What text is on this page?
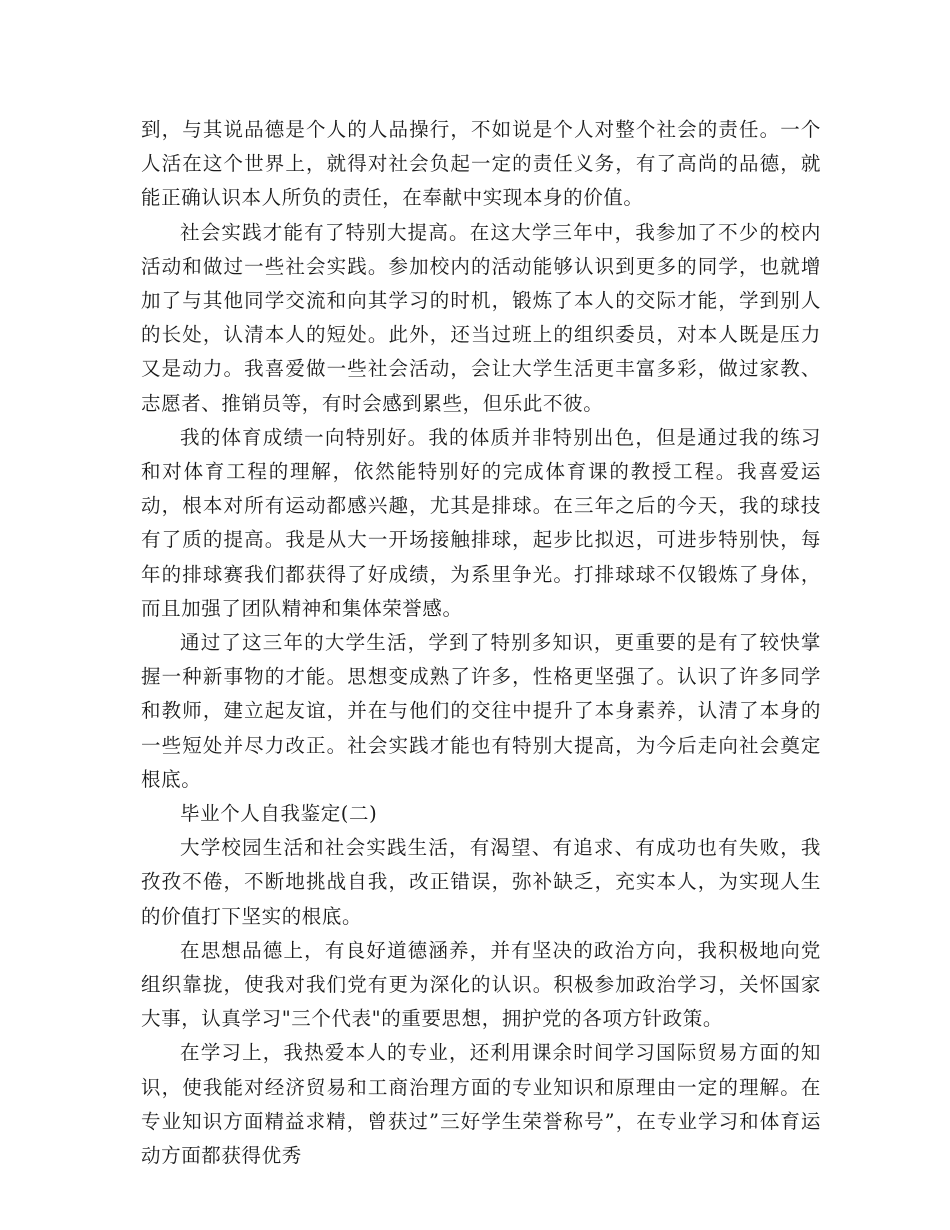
到，与其说品德是个人的人品操行，不如说是个人对整个社会的责任。一个人活在这个世界上，就得对社会负起一定的责任义务，有了高尚的品德，就能正确认识本人所负的责任，在奉献中实现本身的价值。

社会实践才能有了特别大提高。在这大学三年中，我参加了不少的校内活动和做过一些社会实践。参加校内的活动能够认识到更多的同学，也就增加了与其他同学交流和向其学习的时机，锻炼了本人的交际才能，学到别人的长处，认清本人的短处。此外，还当过班上的组织委员，对本人既是压力又是动力。我喜爱做一些社会活动，会让大学生活更丰富多彩，做过家教、志愿者、推销员等，有时会感到累些，但乐此不彼。

我的体育成绩一向特别好。我的体质并非特别出色，但是通过我的练习和对体育工程的理解，依然能特别好的完成体育课的教授工程。我喜爱运动，根本对所有运动都感兴趣，尤其是排球。在三年之后的今天，我的球技有了质的提高。我是从大一开场接触排球，起步比拟迟，可进步特别快，每年的排球赛我们都获得了好成绩，为系里争光。打排球球不仅锻炼了身体，而且加强了团队精神和集体荣誉感。

通过了这三年的大学生活，学到了特别多知识，更重要的是有了较快掌握一种新事物的才能。思想变成熟了许多，性格更坚强了。认识了许多同学和教师，建立起友谊，并在与他们的交往中提升了本身素养，认清了本身的一些短处并尽力改正。社会实践才能也有特别大提高，为今后走向社会奠定根底。

毕业个人自我鉴定(二)

大学校园生活和社会实践生活，有渴望、有追求、有成功也有失败，我孜孜不倦，不断地挑战自我，改正错误，弥补缺乏，充实本人，为实现人生的价值打下坚实的根底。

在思想品德上，有良好道德涵养，并有坚决的政治方向，我积极地向党组织靠拢，使我对我们党有更为深化的认识。积极参加政治学习，关怀国家大事，认真学习"三个代表"的重要思想，拥护党的各项方针政策。

在学习上，我热爱本人的专业，还利用课余时间学习国际贸易方面的知识，使我能对经济贸易和工商治理方面的专业知识和原理由一定的理解。在专业知识方面精益求精，曾获过”三好学生荣誉称号”，在专业学习和体育运动方面都获得优秀
